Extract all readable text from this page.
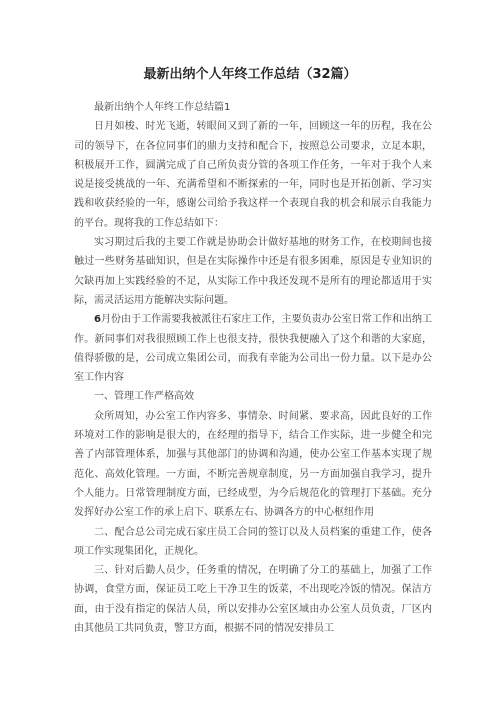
最新出纳个人年终工作总结（32篇）

最新出纳个人年终工作总结篇1

日月如梭、时光飞逝，转眼间又到了新的一年，回顾这一年的历程，我在公司的领导下，在各位同事们的鼎力支持和配合下，按照总公司要求，立足本职，积极展开工作，圆满完成了自己所负责分管的各项工作任务，一年对于我个人来说是接受挑战的一年、充满希望和不断探索的一年，同时也是开拓创新、学习实践和收获经验的一年，感谢公司给予我这样一个表现自我的机会和展示自我能力的平台。现将我的工作总结如下：

实习期过后我的主要工作就是协助会计做好基地的财务工作，在校期间也接触过一些财务基础知识，但是在实际操作中还是有很多困难，原因是专业知识的欠缺再加上实践经验的不足，从实际工作中我还发现不是所有的理论都适用于实际，需灵活运用方能解决实际问题。

6月份由于工作需要我被派往石家庄工作，主要负责办公室日常工作和出纳工作。新同事们对我很照顾工作上也很支持，很快我便融入了这个和谐的大家庭，值得骄傲的是，公司成立集团公司，而我有幸能为公司出一份力量。以下是办公室工作内容

一、管理工作严格高效

众所周知，办公室工作内容多、事情杂、时间紧、要求高，因此良好的工作环境对工作的影响是很大的，在经理的指导下，结合工作实际，进一步健全和完善了内部管理体系，加强与其他部门的协调和沟通，使办公室工作基本实现了规范化、高效化管理。一方面，不断完善规章制度，另一方面加强自我学习，提升个人能力。日常管理制度方面，已经成型，为今后规范化的管理打下基础。充分发挥好办公室工作的承上启下、联系左右、协调各方的中心枢纽作用

二、配合总公司完成石家庄员工合同的签订以及人员档案的重建工作，使各项工作实现集团化，正规化。

三、针对后勤人员少，任务重的情况，在明确了分工的基础上，加强了工作协调，食堂方面，保证员工吃上干净卫生的饭菜，不出现吃冷饭的情况。保洁方面，由于没有指定的保洁人员，所以安排办公室区域由办公室人员负责，厂区内由其他员工共同负责，警卫方面，根据不同的情况安排员工
